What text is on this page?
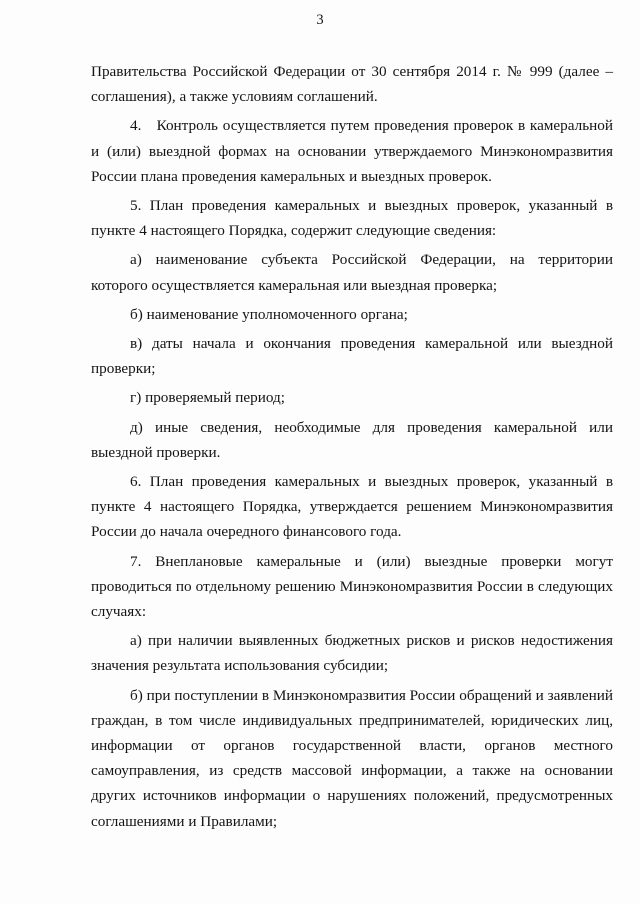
3

Правительства Российской Федерации от 30 сентября 2014 г. № 999 (далее – соглашения), а также условиям соглашений.

4. Контроль осуществляется путем проведения проверок в камеральной и (или) выездной формах на основании утверждаемого Минэкономразвития России плана проведения камеральных и выездных проверок.

5. План проведения камеральных и выездных проверок, указанный в пункте 4 настоящего Порядка, содержит следующие сведения:

а) наименование субъекта Российской Федерации, на территории которого осуществляется камеральная или выездная проверка;

б) наименование уполномоченного органа;

в) даты начала и окончания проведения камеральной или выездной проверки;

г) проверяемый период;

д) иные сведения, необходимые для проведения камеральной или выездной проверки.

6. План проведения камеральных и выездных проверок, указанный в пункте 4 настоящего Порядка, утверждается решением Минэкономразвития России до начала очередного финансового года.

7. Внеплановые камеральные и (или) выездные проверки могут проводиться по отдельному решению Минэкономразвития России в следующих случаях:

а) при наличии выявленных бюджетных рисков и рисков недостижения значения результата использования субсидии;

б) при поступлении в Минэкономразвития России обращений и заявлений граждан, в том числе индивидуальных предпринимателей, юридических лиц, информации от органов государственной власти, органов местного самоуправления, из средств массовой информации, а также на основании других источников информации о нарушениях положений, предусмотренных соглашениями и Правилами;
